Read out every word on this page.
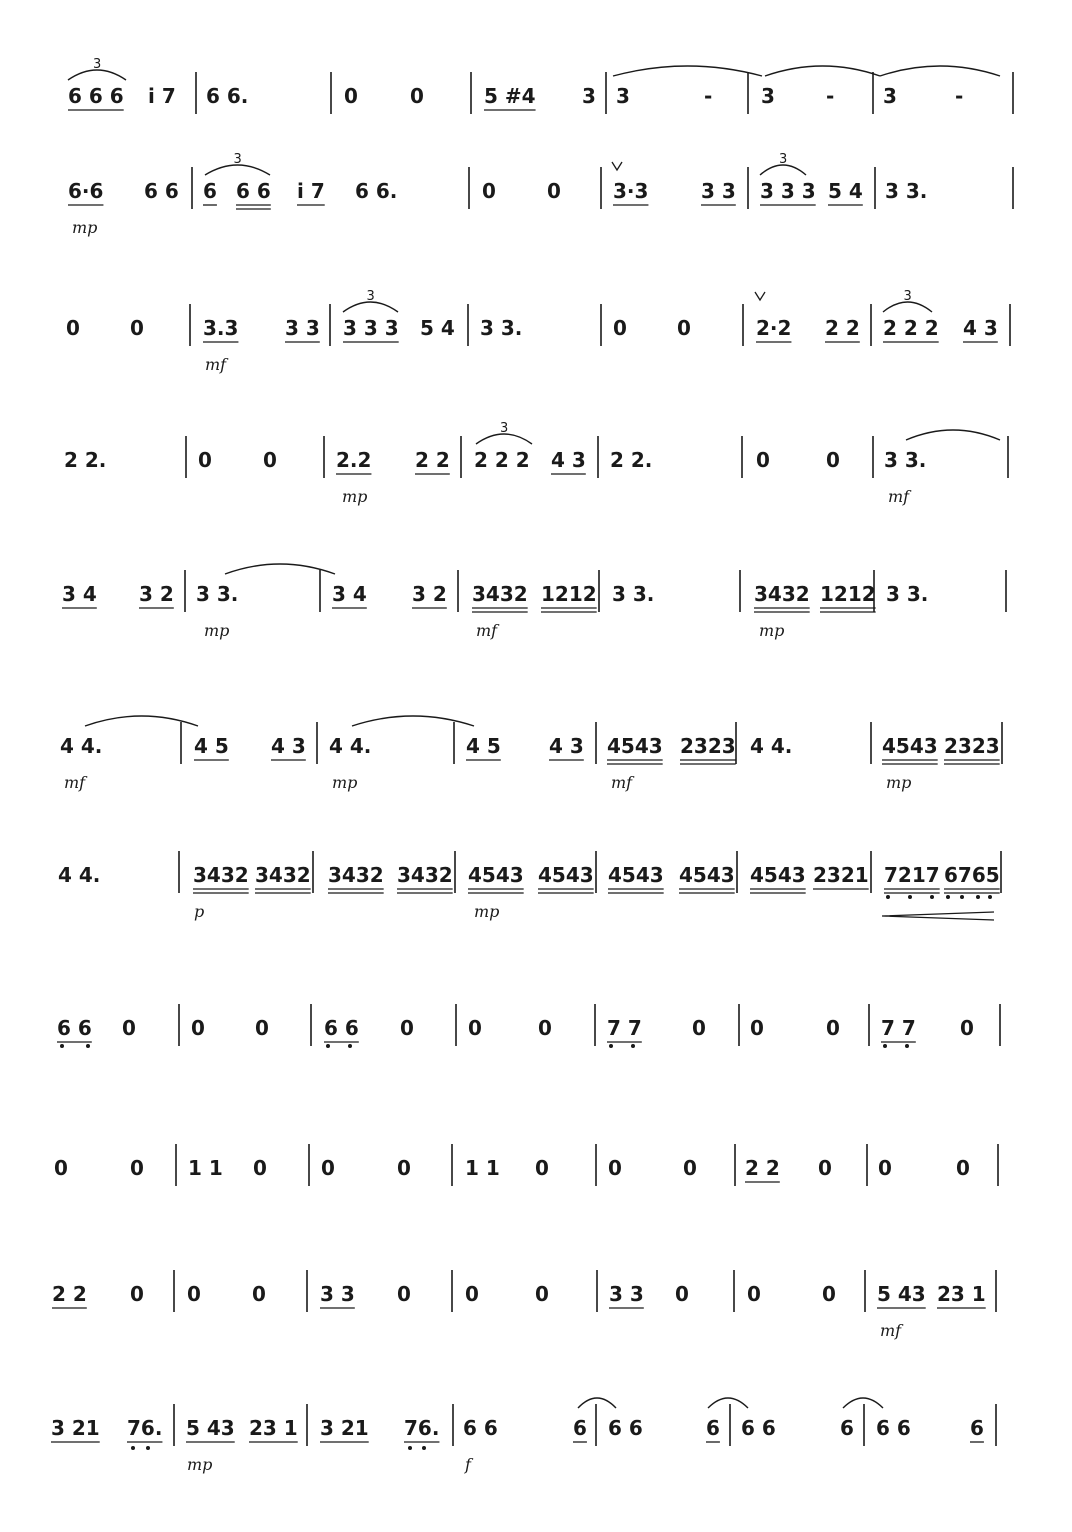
6 6 6
3
i 7 6 6.	0	0	5 #4 3 3	- 3	- 3	-
6·6 6 6 6 6 6
3
i 7 6 6.	0	0	3·3	3 3 3 3 3
3
5 4 3 3.
mp
0	0	3.3 3 3 3 3 3
3
5 4 3 3.	0	0	2·2 2 2 2 2 2
3
4 3
mf
2 2.	0	0	2.2 2 2 2 2 2
3
4 3 2 2.	0	0 3 3.
mp	mf
3 4 3 2 3 3.	3 4 3 2 3432 1212 3 3.	3432 1212 3 3.
mp	mf	mp
4 4.	4 5 4 3 4 4.	4 5 4 3 4543 2323 4 4.	4543 2323
mf	mp	mf	mp
4 4.	3432 3432 3432 3432 4543 4543 4543 4543 4543 2321 7217 6765
p	mp
6 6 0	0	0	6 6 0	0	0	7 7	0 0	0 7 7 0
0	0 1 1 0	0	0	1 1 0	0	0 2 2 0 0	0
2 2 0 0	0	3 3 0	0	0	3 3 0	0	0 5 43 23 1
mf
3 21 76. 5 43 23 1 3 21 76. 6 6	6 6 6	6 6 6	6 6 6	6
mp	f
